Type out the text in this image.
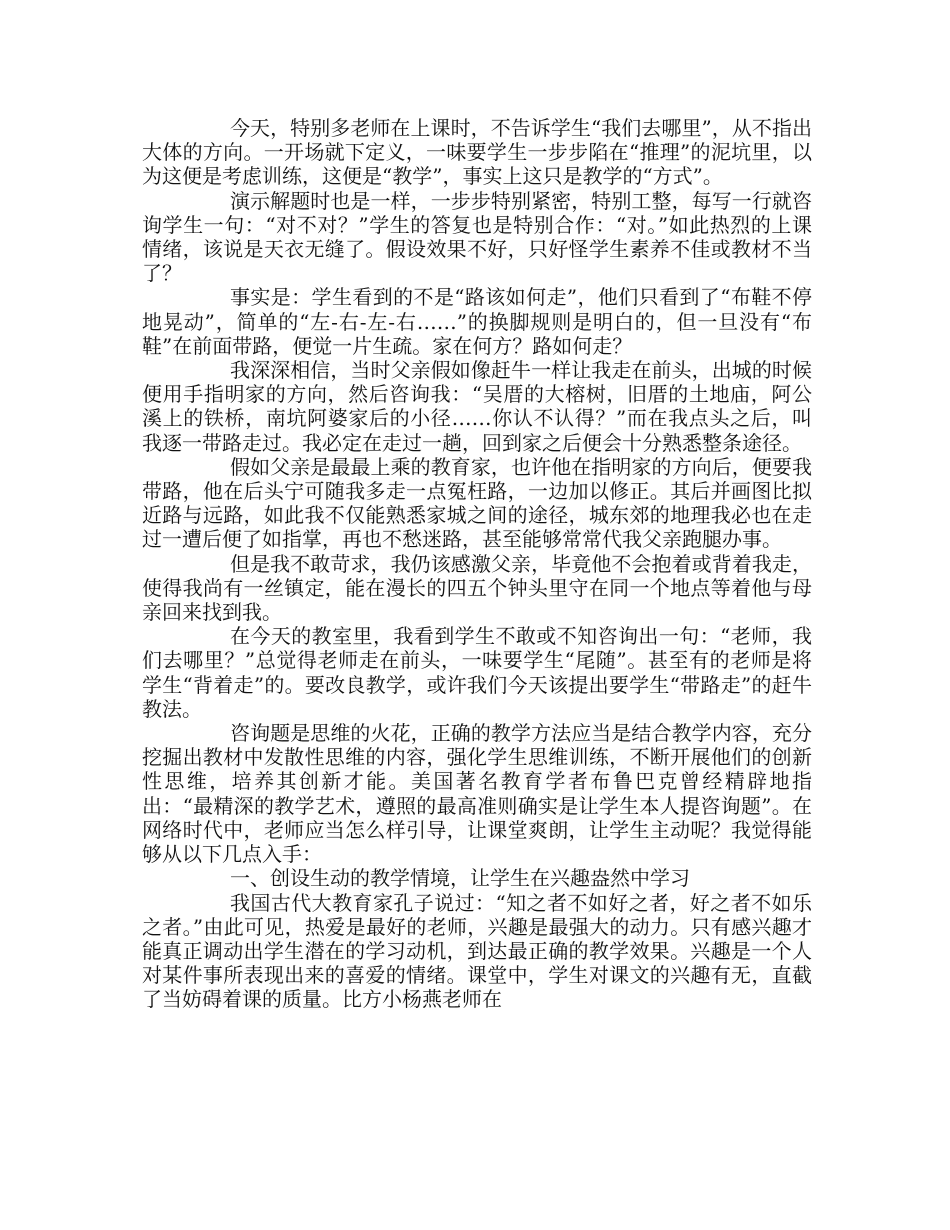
今天，特别多老师在上课时，不告诉学生“我们去哪里”，从不指出大体的方向。一开场就下定义，一味要学生一步步陷在“推理”的泥坑里，以为这便是考虑训练，这便是“教学”，事实上这只是教学的“方式”。

演示解题时也是一样，一步步特别紧密，特别工整，每写一行就咨询学生一句：“对不对？”学生的答复也是特别合作：“对。”如此热烈的上课情绪，该说是天衣无缝了。假设效果不好，只好怪学生素养不佳或教材不当了？

事实是：学生看到的不是“路该如何走”，他们只看到了“布鞋不停地晃动”，简单的“左-右-左-右……”的换脚规则是明白的，但一旦没有“布鞋”在前面带路，便觉一片生疏。家在何方？路如何走？

我深深相信，当时父亲假如像赶牛一样让我走在前头，出城的时候便用手指明家的方向，然后咨询我：“吴厝的大榕树，旧厝的土地庙，阿公溪上的铁桥，南坑阿婆家后的小径……你认不认得？”而在我点头之后，叫我逐一带路走过。我必定在走过一趟，回到家之后便会十分熟悉整条途径。

假如父亲是最最上乘的教育家，也许他在指明家的方向后，便要我带路，他在后头宁可随我多走一点冤枉路，一边加以修正。其后并画图比拟近路与远路，如此我不仅能熟悉家城之间的途径，城东郊的地理我必也在走过一遭后便了如指掌，再也不愁迷路，甚至能够常常代我父亲跑腿办事。

但是我不敢苛求，我仍该感激父亲，毕竟他不会抱着或背着我走，使得我尚有一丝镇定，能在漫长的四五个钟头里守在同一个地点等着他与母亲回来找到我。

在今天的教室里，我看到学生不敢或不知咨询出一句：“老师，我们去哪里？”总觉得老师走在前头，一味要学生“尾随”。甚至有的老师是将学生“背着走”的。要改良教学，或许我们今天该提出要学生“带路走”的赶牛教法。

咨询题是思维的火花，正确的教学方法应当是结合教学内容，充分挖掘出教材中发散性思维的内容，强化学生思维训练，不断开展他们的创新性思维，培养其创新才能。美国著名教育学者布鲁巴克曾经精辟地指出：“最精深的教学艺术，遵照的最高准则确实是让学生本人提咨询题”。在网络时代中，老师应当怎么样引导，让课堂爽朗，让学生主动呢？我觉得能够从以下几点入手：

一、创设生动的教学情境，让学生在兴趣盎然中学习

我国古代大教育家孔子说过：“知之者不如好之者，好之者不如乐之者。”由此可见，热爱是最好的老师，兴趣是最强大的动力。只有感兴趣才能真正调动出学生潜在的学习动机，到达最正确的教学效果。兴趣是一个人对某件事所表现出来的喜爱的情绪。课堂中，学生对课文的兴趣有无，直截了当妨碍着课的质量。比方小杨燕老师在
